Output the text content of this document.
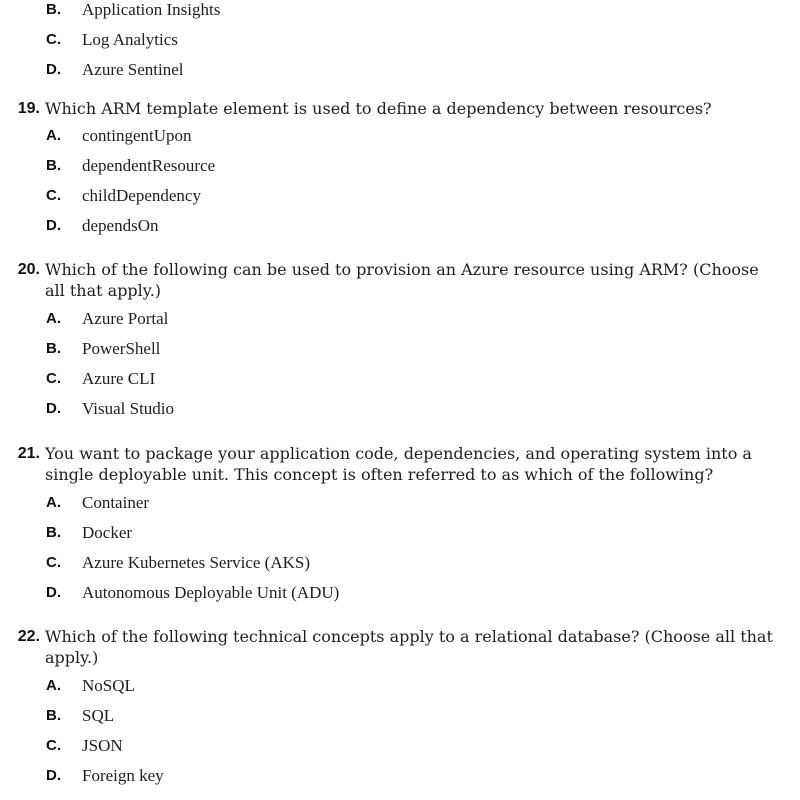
B. Application Insights
C. Log Analytics
D. Azure Sentinel
19. Which ARM template element is used to define a dependency between resources?
A. contingentUpon
B. dependentResource
C. childDependency
D. dependsOn
20. Which of the following can be used to provision an Azure resource using ARM? (Choose all that apply.)
A. Azure Portal
B. PowerShell
C. Azure CLI
D. Visual Studio
21. You want to package your application code, dependencies, and operating system into a single deployable unit. This concept is often referred to as which of the following?
A. Container
B. Docker
C. Azure Kubernetes Service (AKS)
D. Autonomous Deployable Unit (ADU)
22. Which of the following technical concepts apply to a relational database? (Choose all that apply.)
A. NoSQL
B. SQL
C. JSON
D. Foreign key
